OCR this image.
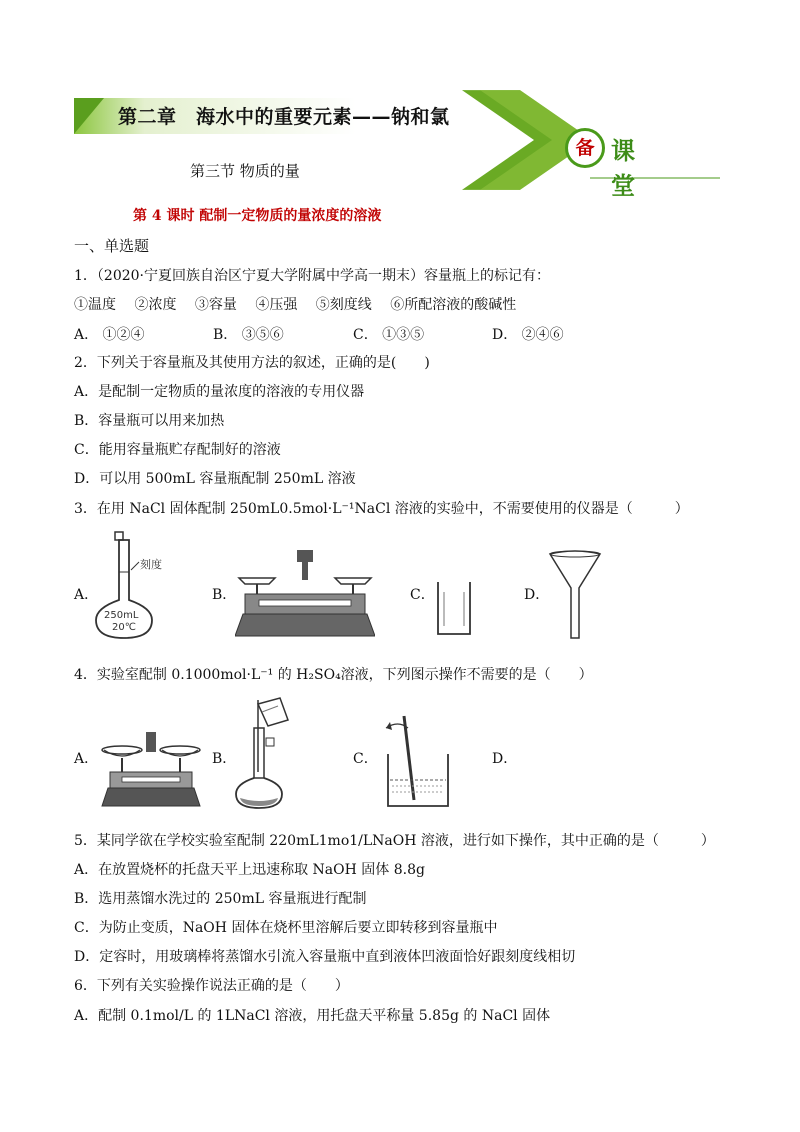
第二章　海水中的重要元素——钠和氯
第三节 物质的量
第 4 课时 配制一定物质的量浓度的溶液
备 课堂
一、单选题
1．（2020·宁夏回族自治区宁夏大学附属中学高一期末）容量瓶上的标记有：
①温度　 ②浓度　 ③容量　 ④压强　 ⑤刻度线　 ⑥所配溶液的酸碱性
A． ①②④	B． ③⑤⑥	C． ①③⑤	D． ②④⑥
2．下列关于容量瓶及其使用方法的叙述，正确的是(　　)
A．是配制一定物质的量浓度的溶液的专用仪器
B．容量瓶可以用来加热
C．能用容量瓶贮存配制好的溶液
D．可以用 500mL 容量瓶配制 250mL 溶液
3．在用 NaCl 固体配制 250mL0.5mol·L⁻¹NaCl 溶液的实验中，不需要使用的仪器是（　　　）
A．	B．	C．	D．
刻度
250mL
20℃
4．实验室配制 0.1000mol·L⁻¹ 的 H₂SO₄溶液，下列图示操作不需要的是（　　）
A．	B．	C．	D．
5．某同学欲在学校实验室配制 220mL1mo1/LNaOH 溶液，进行如下操作，其中正确的是（　　　）
A．在放置烧杯的托盘天平上迅速称取 NaOH 固体 8.8g
B．选用蒸馏水洗过的 250mL 容量瓶进行配制
C．为防止变质，NaOH 固体在烧杯里溶解后要立即转移到容量瓶中
D．定容时，用玻璃棒将蒸馏水引流入容量瓶中直到液体凹液面恰好跟刻度线相切
6．下列有关实验操作说法正确的是（　　）
A．配制 0.1mol/L 的 1LNaCl 溶液，用托盘天平称量 5.85g 的 NaCl 固体
